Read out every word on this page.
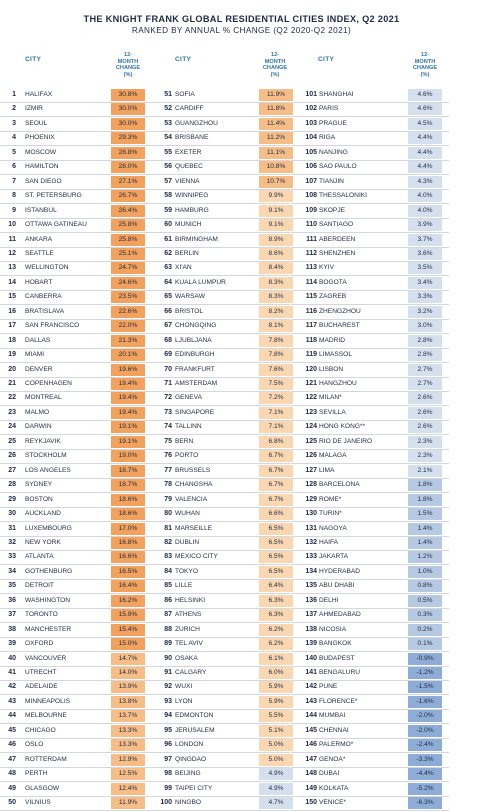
THE KNIGHT FRANK GLOBAL RESIDENTIAL CITIES INDEX, Q2 2021
RANKED BY ANNUAL % CHANGE (Q2 2020-Q2 2021)
CITY
12-
MONTH
CHANGE
(%)
1 HALIFAX	30.8%
2 IZMIR	30.0%
3 SEOUL	30.0%
4 PHOENIX	29.3%
5 MOSCOW	28.8%
6 HAMILTON	28.0%
7 SAN DIEGO	27.1%
8 ST. PETERSBURG	26.7%
9 ISTANBUL	26.4%
10 OTTAWA GATINEAU	25.8%
11 ANKARA	25.8%
12 SEATTLE	25.1%
13 WELLINGTON	24.7%
14 HOBART	24.6%
15 CANBERRA	23.5%
16 BRATISLAVA	22.6%
17 SAN FRANCISCO	22.0%
18 DALLAS	21.3%
19 MIAMI	20.1%
20 DENVER	19.6%
21 COPENHAGEN	19.4%
22 MONTREAL	19.4%
23 MALMO	19.4%
24 DARWIN	19.1%
25 REYKJAVIK	19.1%
26 STOCKHOLM	19.0%
27 LOS ANGELES	18.7%
28 SYDNEY	18.7%
29 BOSTON	18.6%
30 AUCKLAND	18.6%
31 LUXEMBOURG	17.0%
32 NEW YORK	16.8%
33 ATLANTA	16.6%
34 GOTHENBURG	16.5%
35 DETROIT	16.4%
36 WASHINGTON	16.2%
37 TORONTO	15.9%
38 MANCHESTER	15.4%
39 OXFORD	15.0%
40 VANCOUVER	14.7%
41 UTRECHT	14.0%
42 ADELAIDE	13.9%
43 MINNEAPOLIS	13.8%
44 MELBOURNE	13.7%
45 CHICAGO	13.3%
46 OSLO	13.3%
47 ROTTERDAM	12.9%
48 PERTH	12.5%
49 GLASGOW	12.4%
50 VILNIUS	11.9%
CITY
12-
MONTH
CHANGE
(%)
51 SOFIA	11.9%
52 CARDIFF	11.8%
53 GUANGZHOU	11.4%
54 BRISBANE	11.2%
55 EXETER	11.1%
56 QUEBEC	10.8%
57 VIENNA	10.7%
58 WINNIPEG	9.9%
59 HAMBURG	9.1%
60 MUNICH	9.1%
61 BIRMINGHAM	8.9%
62 BERLIN	8.6%
63 XI'AN	8.4%
64 KUALA LUMPUR	8.3%
65 WARSAW	8.3%
66 BRISTOL	8.2%
67 CHONGQING	8.1%
68 LJUBLJANA	7.8%
69 EDINBURGH	7.8%
70 FRANKFURT	7.6%
71 AMSTERDAM	7.5%
72 GENEVA	7.2%
73 SINGAPORE	7.1%
74 TALLINN	7.1%
75 BERN	6.8%
76 PORTO	6.7%
77 BRUSSELS	6.7%
78 CHANGSHA	6.7%
79 VALENCIA	6.7%
80 WUHAN	6.6%
81 MARSEILLE	6.5%
82 DUBLIN	6.5%
83 MEXICO CITY	6.5%
84 TOKYO	6.5%
85 LILLE	6.4%
86 HELSINKI	6.3%
87 ATHENS	6.3%
88 ZURICH	6.2%
89 TEL AVIV	6.2%
90 OSAKA	6.1%
91 CALGARY	6.0%
92 WUXI	5.9%
93 LYON	5.9%
94 EDMONTON	5.5%
95 JERUSALEM	5.1%
96 LONDON	5.0%
97 QINGDAO	5.0%
98 BEIJING	4.9%
99 TAIPEI CITY	4.9%
100 NINGBO	4.7%
CITY
12-
MONTH
CHANGE
(%)
101 SHANGHAI	4.6%
102 PARIS	4.6%
103 PRAGUE	4.5%
104 RIGA	4.4%
105 NANJING	4.4%
106 SAO PAULO	4.4%
107 TIANJIN	4.3%
108 THESSALONIKI	4.0%
109 SKOPJE	4.0%
110 SANTIAGO	3.9%
111 ABERDEEN	3.7%
112 SHENZHEN	3.6%
113 KYIV	3.5%
114 BOGOTA	3.4%
115 ZAGREB	3.3%
116 ZHENGZHOU	3.2%
117 BUCHAREST	3.0%
118 MADRID	2.8%
119 LIMASSOL	2.8%
120 LISBON	2.7%
121 HANGZHOU	2.7%
122 MILAN*	2.6%
123 SEVILLA	2.6%
124 HONG KONG**	2.6%
125 RIO DE JANEIRO	2.3%
126 MALAGA	2.3%
127 LIMA	2.1%
128 BARCELONA	1.8%
129 ROME*	1.8%
130 TURIN*	1.5%
131 NAGOYA	1.4%
132 HAIFA	1.4%
133 JAKARTA	1.2%
134 HYDERABAD	1.0%
135 ABU DHABI	0.8%
136 DELHI	0.5%
137 AHMEDABAD	0.3%
138 NICOSIA	0.2%
139 BANGKOK	0.1%
140 BUDAPEST	-0.9%
141 BENGALURU	-1.2%
142 PUNE	-1.5%
143 FLORENCE*	-1.6%
144 MUMBAI	-2.0%
145 CHENNAI	-2.0%
146 PALERMO*	-2.4%
147 GENOA*	-3.3%
148 DUBAI	-4.4%
149 KOLKATA	-5.2%
150 VENICE*	-6.3%
